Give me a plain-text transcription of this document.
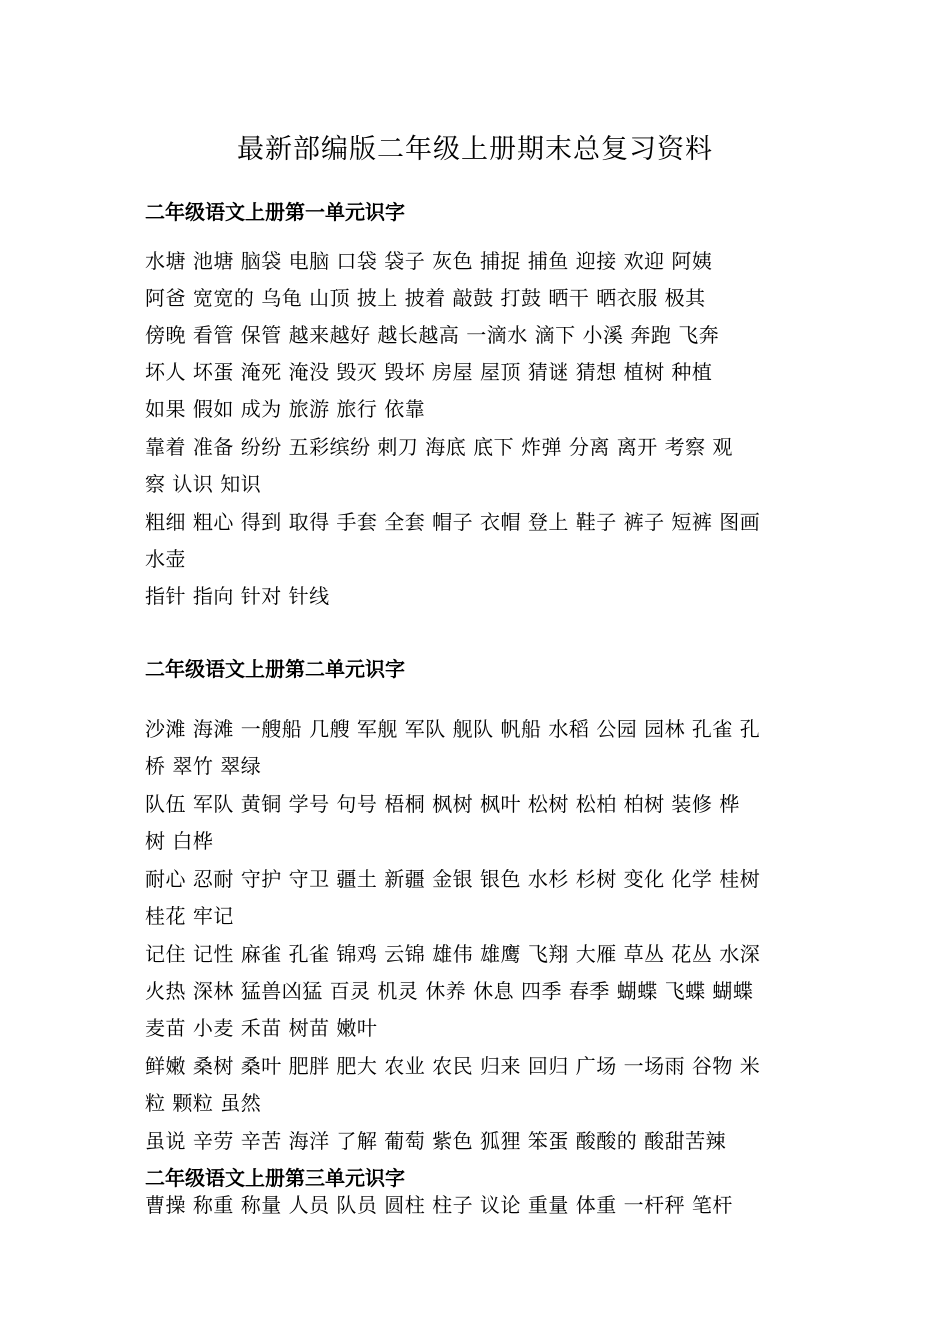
最新部编版二年级上册期末总复习资料
二年级语文上册第一单元识字
水塘 池塘 脑袋 电脑 口袋 袋子 灰色 捕捉 捕鱼 迎接 欢迎 阿姨
阿爸 宽宽的 乌龟 山顶 披上 披着 敲鼓 打鼓 晒干 晒衣服 极其
傍晚 看管 保管 越来越好 越长越高 一滴水 滴下 小溪 奔跑 飞奔
坏人 坏蛋 淹死 淹没 毁灭 毁坏 房屋 屋顶 猜谜 猜想 植树 种植
如果 假如 成为 旅游 旅行 依靠
靠着 准备 纷纷 五彩缤纷 刺刀 海底 底下 炸弹 分离 离开 考察 观
察 认识 知识
粗细 粗心 得到 取得 手套 全套 帽子 衣帽 登上 鞋子 裤子 短裤 图画
水壶
指针 指向 针对 针线
二年级语文上册第二单元识字
沙滩 海滩 一艘船 几艘 军舰 军队 舰队 帆船 水稻 公园 园林 孔雀 孔
桥 翠竹 翠绿
队伍 军队 黄铜 学号 句号 梧桐 枫树 枫叶 松树 松柏 柏树 装修 桦
树 白桦
耐心 忍耐 守护 守卫 疆土 新疆 金银 银色 水杉 杉树 变化 化学 桂树
桂花 牢记
记住 记性 麻雀 孔雀 锦鸡 云锦 雄伟 雄鹰 飞翔 大雁 草丛 花丛 水深
火热 深林 猛兽凶猛 百灵 机灵 休养 休息 四季 春季 蝴蝶 飞蝶 蝴蝶
麦苗 小麦 禾苗 树苗 嫩叶
鲜嫩 桑树 桑叶 肥胖 肥大 农业 农民 归来 回归 广场 一场雨 谷物 米
粒 颗粒 虽然
虽说 辛劳 辛苦 海洋 了解 葡萄 紫色 狐狸 笨蛋 酸酸的 酸甜苦辣
二年级语文上册第三单元识字
曹操 称重 称量 人员 队员 圆柱 柱子 议论 重量 体重 一杆秤 笔杆
